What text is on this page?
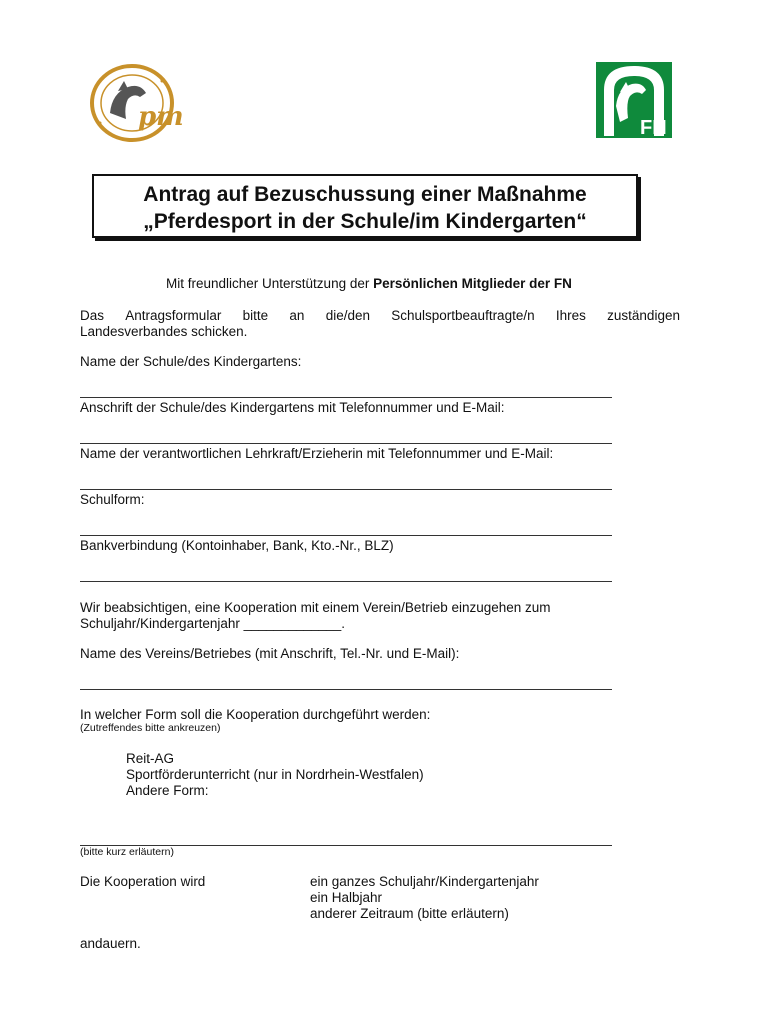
pm	FN
Antrag auf Bezuschussung einer Maßnahme
„Pferdesport in der Schule/im Kindergarten“
Mit freundlicher Unterstützung der Persönlichen Mitglieder der FN
Das Antragsformular bitte an die/den Schulsportbeauftragte/n Ihres zuständigen
Landesverbandes schicken.
Name der Schule/des Kindergartens:
Anschrift der Schule/des Kindergartens mit Telefonnummer und E-Mail:
Name der verantwortlichen Lehrkraft/Erzieherin mit Telefonnummer und E-Mail:
Schulform:
Bankverbindung (Kontoinhaber, Bank, Kto.-Nr., BLZ)
Wir beabsichtigen, eine Kooperation mit einem Verein/Betrieb einzugehen zum
Schuljahr/Kindergartenjahr _____________.
Name des Vereins/Betriebes (mit Anschrift, Tel.-Nr. und E-Mail):
In welcher Form soll die Kooperation durchgeführt werden:
(Zutreffendes bitte ankreuzen)
Reit-AG
Sportförderunterricht (nur in Nordrhein-Westfalen)
Andere Form:
(bitte kurz erläutern)
Die Kooperation wird	ein ganzes Schuljahr/Kindergartenjahr
ein Halbjahr
anderer Zeitraum (bitte erläutern)
andauern.
